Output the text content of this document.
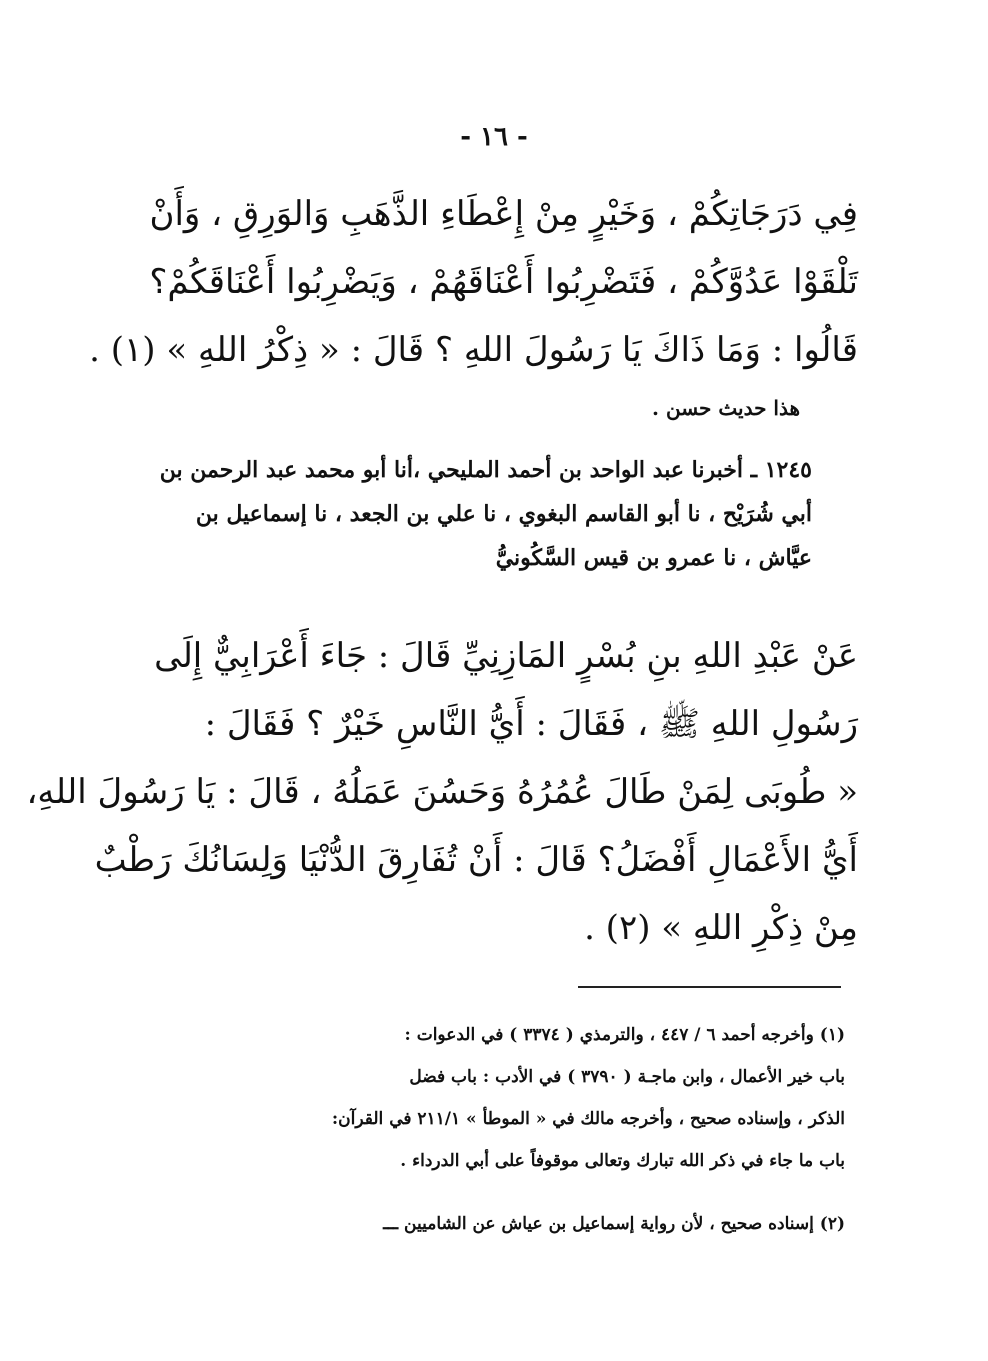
- ١٦ -
فِي دَرَجَاتِكُمْ ، وَخَيْرٍ مِنْ إِعْطَاءِ الذَّهَبِ وَالوَرِقِ ، وَأَنْ
تَلْقَوْا عَدُوَّكُمْ ، فَتَضْرِبُوا أَعْنَاقَهُمْ ، وَيَضْرِبُوا أَعْنَاقَكُمْ؟
قَالُوا : وَمَا ذَاكَ يَا رَسُولَ اللهِ ؟ قَالَ : « ذِكْرُ اللهِ » (١) .
هذا حديث حسن .
١٢٤٥ ـ أخبرنا عبد الواحد بن أحمد المليحي ،أنا أبو محمد عبد الرحمن بن
أبي شُرَيْح ، نا أبو القاسم البغوي ، نا علي بن الجعد ، نا إسماعيل بن
عيَّاش ، نا عمرو بن قيس السَّكُونيُّ
عَنْ عَبْدِ اللهِ بنِ بُسْرٍ المَازِنِيِّ قَالَ : جَاءَ أَعْرَابِيٌّ إِلَى
رَسُولِ اللهِ ﷺ ، فَقَالَ : أَيُّ النَّاسِ خَيْرٌ ؟ فَقَالَ :
« طُوبَى لِمَنْ طَالَ عُمُرُهُ وَحَسُنَ عَمَلُهُ ، قَالَ : يَا رَسُولَ اللهِ،
أَيُّ الأَعْمَالِ أَفْضَلُ؟ قَالَ : أَنْ تُفَارِقَ الدُّنْيَا وَلِسَانُكَ رَطْبٌ
مِنْ ذِكْرِ اللهِ » (٢) .
(١) وأخرجه أحمد ٦ / ٤٤٧ ، والترمذي ( ٣٣٧٤ ) في الدعوات :
باب خير الأعمال ، وابن ماجـة ( ٣٧٩٠ ) في الأدب : باب فضل
الذكر ، وإسناده صحيح ، وأخرجه مالك في « الموطأ » ٢١١/١ في القرآن:
باب ما جاء في ذكر الله تبارك وتعالى موقوفاً على أبي الدرداء .
(٢) إسناده صحيح ، لأن رواية إسماعيل بن عياش عن الشاميين ـــ
